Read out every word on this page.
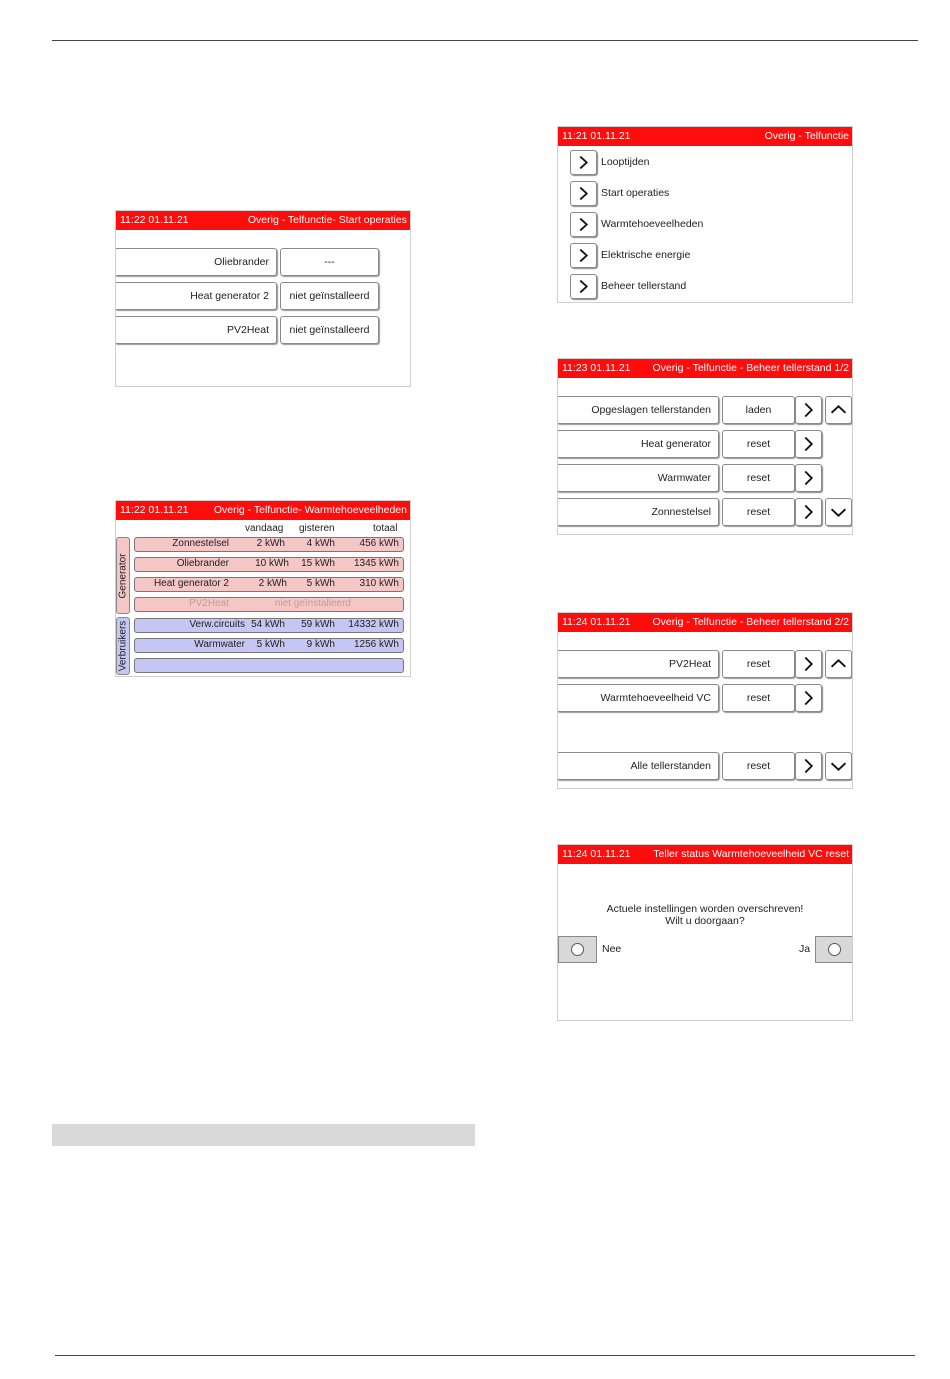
11:22 01.11.21	Overig - Telfunctie- Start operaties
Oliebrander	---
Heat generator 2	niet geïnstalleerd
PV2Heat	niet geïnstalleerd
11:22 01.11.21 Overig - Telfunctie- Warmtehoeveelheden
vandaag gisteren	totaal
Generator
Verbruikers
Zonnestelsel	2 kWh 4 kWh 456 kWh
Oliebrander	10 kWh 15 kWh 1345 kWh
Heat generator 2	2 kWh 5 kWh 310 kWh
PV2Heat	niet geïnstalleerd
Verw.circuits 54 kWh 59 kWh 14332 kWh
Warmwater 5 kWh 9 kWh 1256 kWh
11:21 01.11.21	Overig - Telfunctie
Looptijden
Start operaties
Warmtehoeveelheden
Elektrische energie
Beheer tellerstand
11:23 01.11.21 Overig - Telfunctie - Beheer tellerstand 1/2
Opgeslagen tellerstanden	laden
Heat generator	reset
Warmwater	reset
Zonnestelsel	reset
11:24 01.11.21 Overig - Telfunctie - Beheer tellerstand 2/2
PV2Heat	reset
Warmtehoeveelheid VC	reset
Alle tellerstanden	reset
11:24 01.11.21 Teller status Warmtehoeveelheid VC reset
Actuele instellingen worden overschreven!
Wilt u doorgaan?
Nee	Ja
